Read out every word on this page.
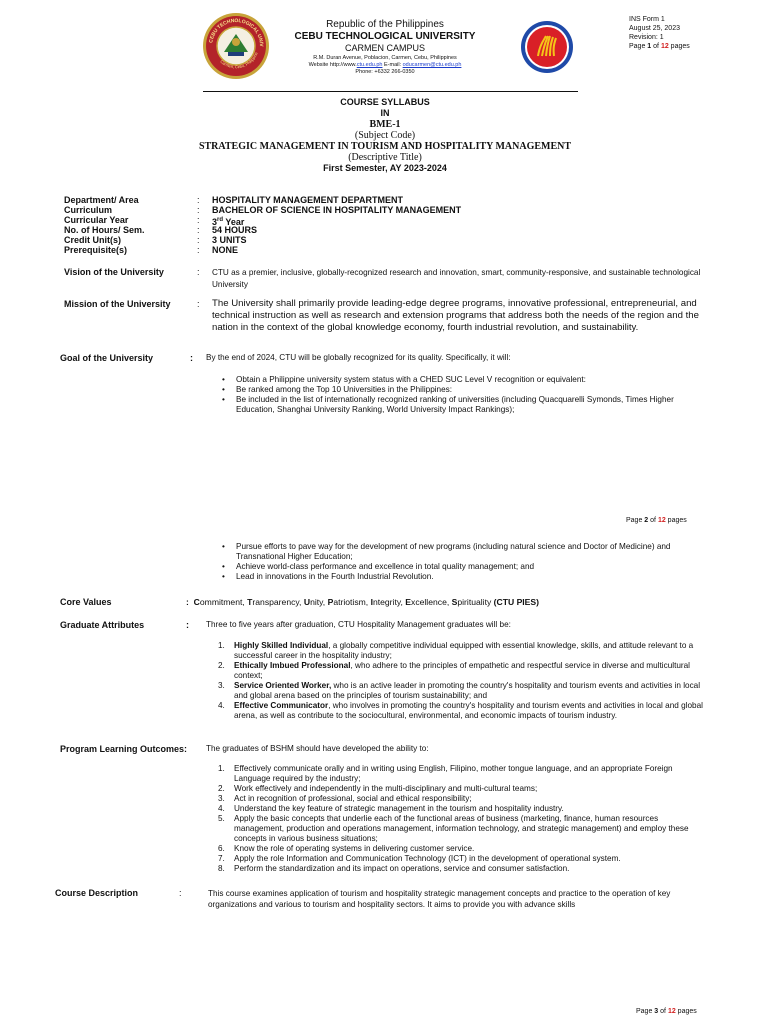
CEBU TECHNOLOGICAL UNIV
Carmen, Cebu, Philippine
Republic of the Philippines
CEBU TECHNOLOGICAL UNIVERSITY
CARMEN CAMPUS
R.M. Duran Avenue, Poblacion, Carmen, Cebu, Philippines
Website http://www.ctu.edu.ph E-mail: oducarmen@ctu.edu.ph
Phone: +6332 266-0350
INS Form 1
August 25, 2023
Revision: 1
Page 1 of 12 pages
COURSE SYLLABUS
IN
BME-1
(Subject Code)
STRATEGIC MANAGEMENT IN TOURISM AND HOSPITALITY MANAGEMENT
(Descriptive Title)
First Semester, AY 2023-2024
Department/ Area	: HOSPITALITY MANAGEMENT DEPARTMENT
Curriculum	: BACHELOR OF SCIENCE IN HOSPITALITY MANAGEMENT
Curricular Year	: 3rd Year
No. of Hours/ Sem.	: 54 HOURS
Credit Unit(s)	: 3 UNITS
Prerequisite(s)	: NONE
Vision of the University	: CTU as a premier, inclusive, globally-recognized research and innovation, smart, community-responsive, and sustainable technological University
Mission of the University	: The University shall primarily provide leading-edge degree programs, innovative professional, entrepreneurial, and technical instruction as well as research and extension programs that address both the needs of the region and the nation in the context of the global knowledge economy, fourth industrial revolution, and sustainability.
Goal of the University	: By the end of 2024, CTU will be globally recognized for its quality. Specifically, it will:
• Obtain a Philippine university system status with a CHED SUC Level V recognition or equivalent:
• Be ranked among the Top 10 Universities in the Philippines:
• Be included in the list of internationally recognized ranking of universities (including Quacquarelli Symonds, Times Higher Education, Shanghai University Ranking, World University Impact Rankings);
Page 2 of 12 pages
• Pursue efforts to pave way for the development of new programs (including natural science and Doctor of Medicine) and Transnational Higher Education;
• Achieve world-class performance and excellence in total quality management; and
• Lead in innovations in the Fourth Industrial Revolution.
Core Values	: Commitment, Transparency, Unity, Patriotism, Integrity, Excellence, Spirituality (CTU PIES)
Graduate Attributes	: Three to five years after graduation, CTU Hospitality Management graduates will be:
1. Highly Skilled Individual, a globally competitive individual equipped with essential knowledge, skills, and attitude relevant to a successful career in the hospitality industry;
2. Ethically Imbued Professional, who adhere to the principles of empathetic and respectful service in diverse and multicultural context;
3. Service Oriented Worker, who is an active leader in promoting the country's hospitality and tourism events and activities in local and global arena based on the principles of tourism sustainability; and
4. Effective Communicator, who involves in promoting the country's hospitality and tourism events and activities in local and global arena, as well as contribute to the sociocultural, environmental, and economic impacts of tourism industry.
Program Learning Outcomes: The graduates of BSHM should have developed the ability to:
1. Effectively communicate orally and in writing using English, Filipino, mother tongue language, and an appropriate Foreign Language required by the industry;
2. Work effectively and independently in the multi-disciplinary and multi-cultural teams;
3. Act in recognition of professional, social and ethical responsibility;
4. Understand the key feature of strategic management in the tourism and hospitality industry.
5. Apply the basic concepts that underlie each of the functional areas of business (marketing, finance, human resources management, production and operations management, information technology, and strategic management) and employ these concepts in various business situations;
6. Know the role of operating systems in delivering customer service.
7. Apply the role Information and Communication Technology (ICT) in the development of operational system.
8. Perform the standardization and its impact on operations, service and consumer satisfaction.
Course Description	:	This course examines application of tourism and hospitality strategic management concepts and practice to the operation of key organizations and various to tourism and hospitality sectors. It aims to provide you with advance skills
Page 3 of 12 pages
